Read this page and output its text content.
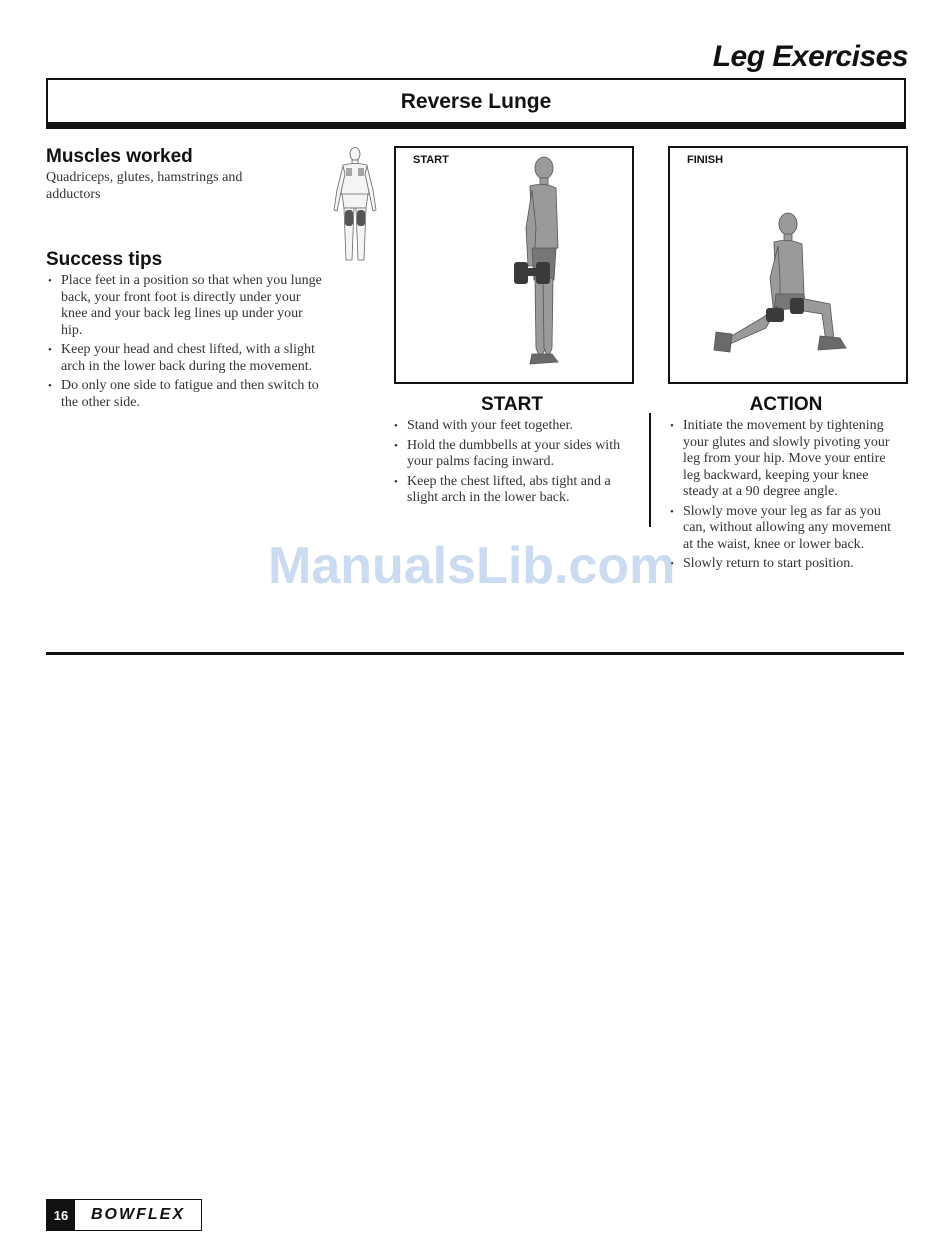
Leg Exercises
Reverse Lunge
Muscles worked
Quadriceps, glutes, hamstrings and adductors
Success tips
• Place feet in a position so that when you lunge back, your front foot is directly under your knee and your back leg lines up under your hip.
• Keep your head and chest lifted, with a slight arch in the lower back during the movement.
• Do only one side to fatigue and then switch to the other side.
START	FINISH
START
• Stand with your feet together.
• Hold the dumbbells at your sides with your palms facing inward.
• Keep the chest lifted, abs tight and a slight arch in the lower back.
ACTION
• Initiate the movement by tightening your glutes and slowly pivoting your leg from your hip. Move your entire leg backward, keeping your knee steady at a 90 degree angle.
• Slowly move your leg as far as you can, without allowing any movement at the waist, knee or lower back.
• Slowly return to start position.
ManualsLib.com
16	BOWFLEX
